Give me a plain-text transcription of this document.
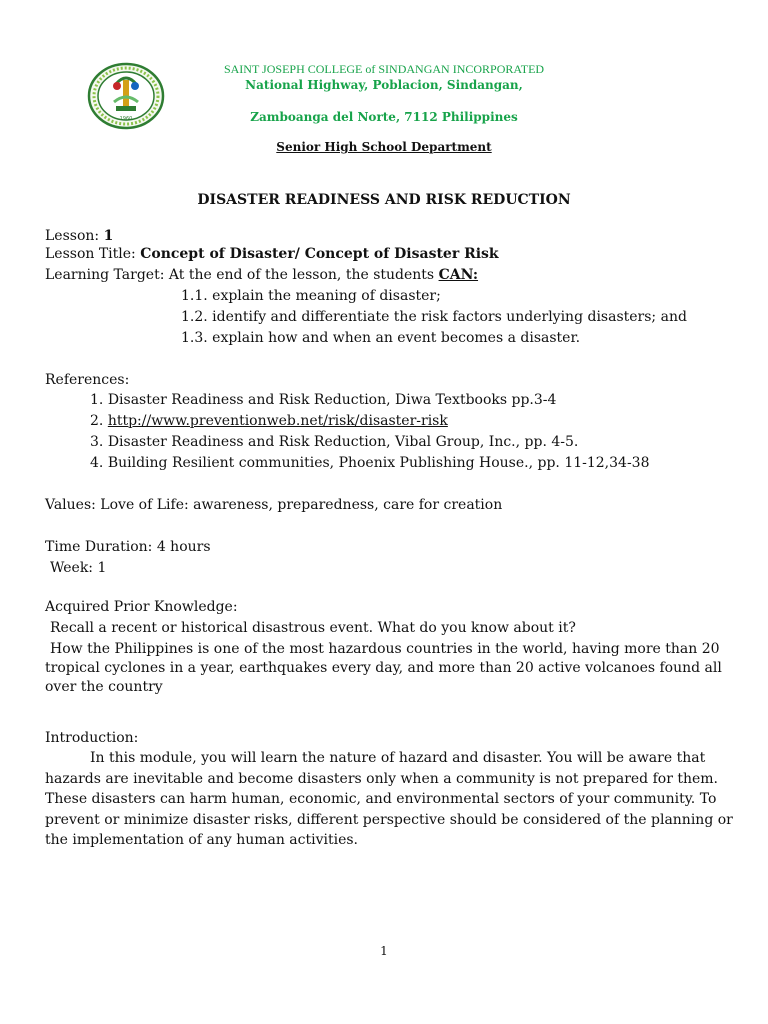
1960
SAINT JOSEPH COLLEGE of SINDANGAN INCORPORATED
National Highway, Poblacion, Sindangan,
Zamboanga del Norte, 7112 Philippines
Senior High School Department
DISASTER READINESS AND RISK REDUCTION
Lesson: 1
Lesson Title: Concept of Disaster/ Concept of Disaster Risk
Learning Target: At the end of the lesson, the students CAN:
1.1. explain the meaning of disaster;
1.2. identify and differentiate the risk factors underlying disasters; and
1.3. explain how and when an event becomes a disaster.
References:
1. Disaster Readiness and Risk Reduction, Diwa Textbooks pp.3-4
2. http://www.preventionweb.net/risk/disaster-risk
3. Disaster Readiness and Risk Reduction, Vibal Group, Inc., pp. 4-5.
4. Building Resilient communities, Phoenix Publishing House., pp. 11-12,34-38
Values: Love of Life: awareness, preparedness, care for creation
Time Duration: 4 hours
Week: 1
Acquired Prior Knowledge:
Recall a recent or historical disastrous event. What do you know about it?
How the Philippines is one of the most hazardous countries in the world, having more than 20 tropical cyclones in a year, earthquakes every day, and more than 20 active volcanoes found all over the country
Introduction:
In this module, you will learn the nature of hazard and disaster. You will be aware that hazards are inevitable and become disasters only when a community is not prepared for them. These disasters can harm human, economic, and environmental sectors of your community. To prevent or minimize disaster risks, different perspective should be considered of the planning or the implementation of any human activities.
1
